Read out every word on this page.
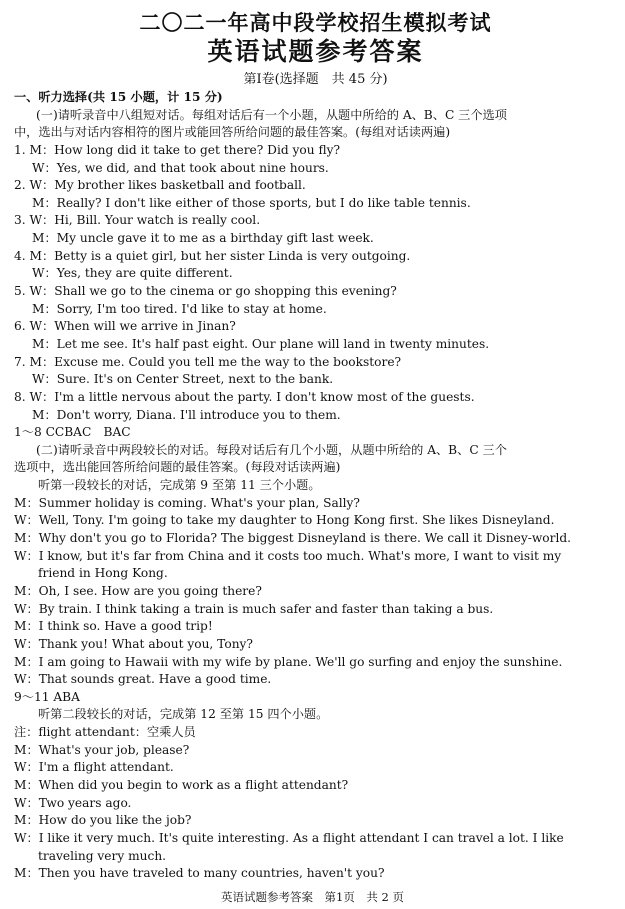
二〇二一年高中段学校招生模拟考试
英语试题参考答案
第Ⅰ卷(选择题　共 45 分)
一、听力选择(共 15 小题，计 15 分)
(一)请听录音中八组短对话。每组对话后有一个小题，从题中所给的 A、B、C 三个选项
中，选出与对话内容相符的图片或能回答所给问题的最佳答案。(每组对话读两遍)
1. M：How long did it take to get there? Did you fly?
W：Yes, we did, and that took about nine hours.
2. W：My brother likes basketball and football.
M：Really? I don't like either of those sports, but I do like table tennis.
3. W：Hi, Bill. Your watch is really cool.
M：My uncle gave it to me as a birthday gift last week.
4. M：Betty is a quiet girl, but her sister Linda is very outgoing.
W：Yes, they are quite different.
5. W：Shall we go to the cinema or go shopping this evening?
M：Sorry, I'm too tired. I'd like to stay at home.
6. W：When will we arrive in Jinan?
M：Let me see. It's half past eight. Our plane will land in twenty minutes.
7. M：Excuse me. Could you tell me the way to the bookstore?
W：Sure. It's on Center Street, next to the bank.
8. W：I'm a little nervous about the party. I don't know most of the guests.
M：Don't worry, Diana. I'll introduce you to them.
1～8 CCBAC　BAC
(二)请听录音中两段较长的对话。每段对话后有几个小题，从题中所给的 A、B、C 三个
选项中，选出能回答所给问题的最佳答案。(每段对话读两遍)
听第一段较长的对话，完成第 9 至第 11 三个小题。
M：Summer holiday is coming. What's your plan, Sally?
W：Well, Tony. I'm going to take my daughter to Hong Kong first. She likes Disneyland.
M：Why don't you go to Florida? The biggest Disneyland is there. We call it Disney-world.
W：I know, but it's far from China and it costs too much. What's more, I want to visit my
friend in Hong Kong.
M：Oh, I see. How are you going there?
W：By train. I think taking a train is much safer and faster than taking a bus.
M：I think so. Have a good trip!
W：Thank you! What about you, Tony?
M：I am going to Hawaii with my wife by plane. We'll go surfing and enjoy the sunshine.
W：That sounds great. Have a good time.
9～11 ABA
听第二段较长的对话，完成第 12 至第 15 四个小题。
注：flight attendant：空乘人员
M：What's your job, please?
W：I'm a flight attendant.
M：When did you begin to work as a flight attendant?
W：Two years ago.
M：How do you like the job?
W：I like it very much. It's quite interesting. As a flight attendant I can travel a lot. I like
traveling very much.
M：Then you have traveled to many countries, haven't you?
英语试题参考答案　第1页　共 2 页
